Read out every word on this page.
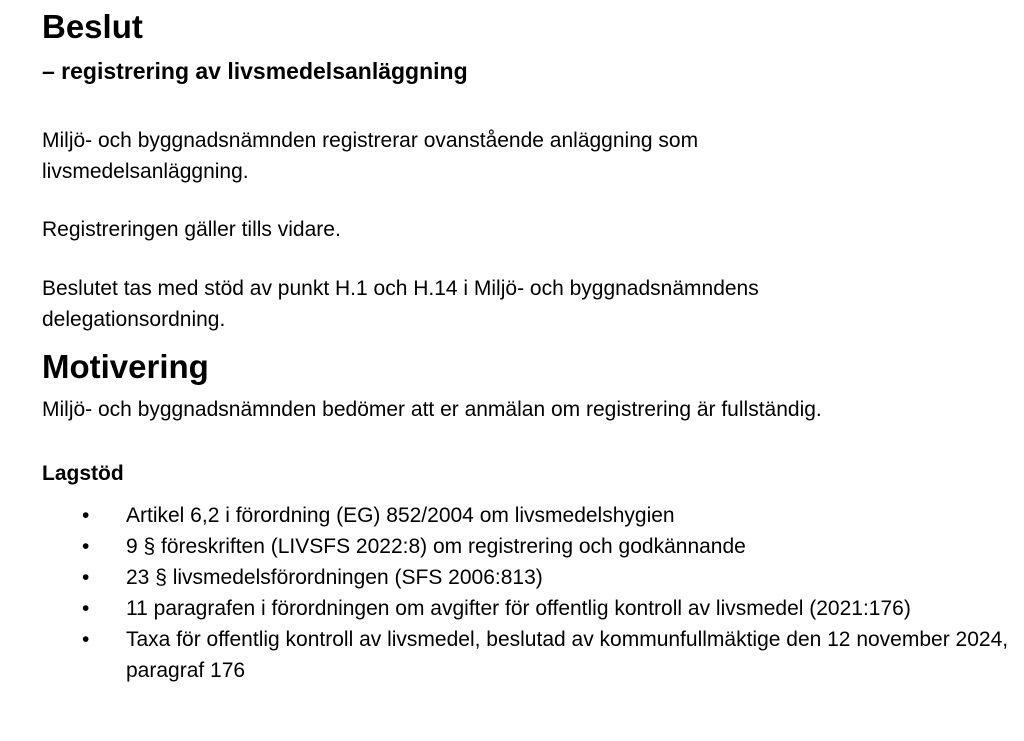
Beslut
– registrering av livsmedelsanläggning

Miljö- och byggnadsnämnden registrerar ovanstående anläggning som livsmedelsanläggning.

Registreringen gäller tills vidare.

Beslutet tas med stöd av punkt H.1 och H.14 i Miljö- och byggnadsnämndens delegationsordning.

Motivering

Miljö- och byggnadsnämnden bedömer att er anmälan om registrering är fullständig.

Lagstöd
• Artikel 6,2 i förordning (EG) 852/2004 om livsmedelshygien
• 9 § föreskriften (LIVSFS 2022:8) om registrering och godkännande
• 23 § livsmedelsförordningen (SFS 2006:813)
• 11 paragrafen i förordningen om avgifter för offentlig kontroll av livsmedel (2021:176)
• Taxa för offentlig kontroll av livsmedel, beslutad av kommunfullmäktige den 12 november 2024, paragraf 176
